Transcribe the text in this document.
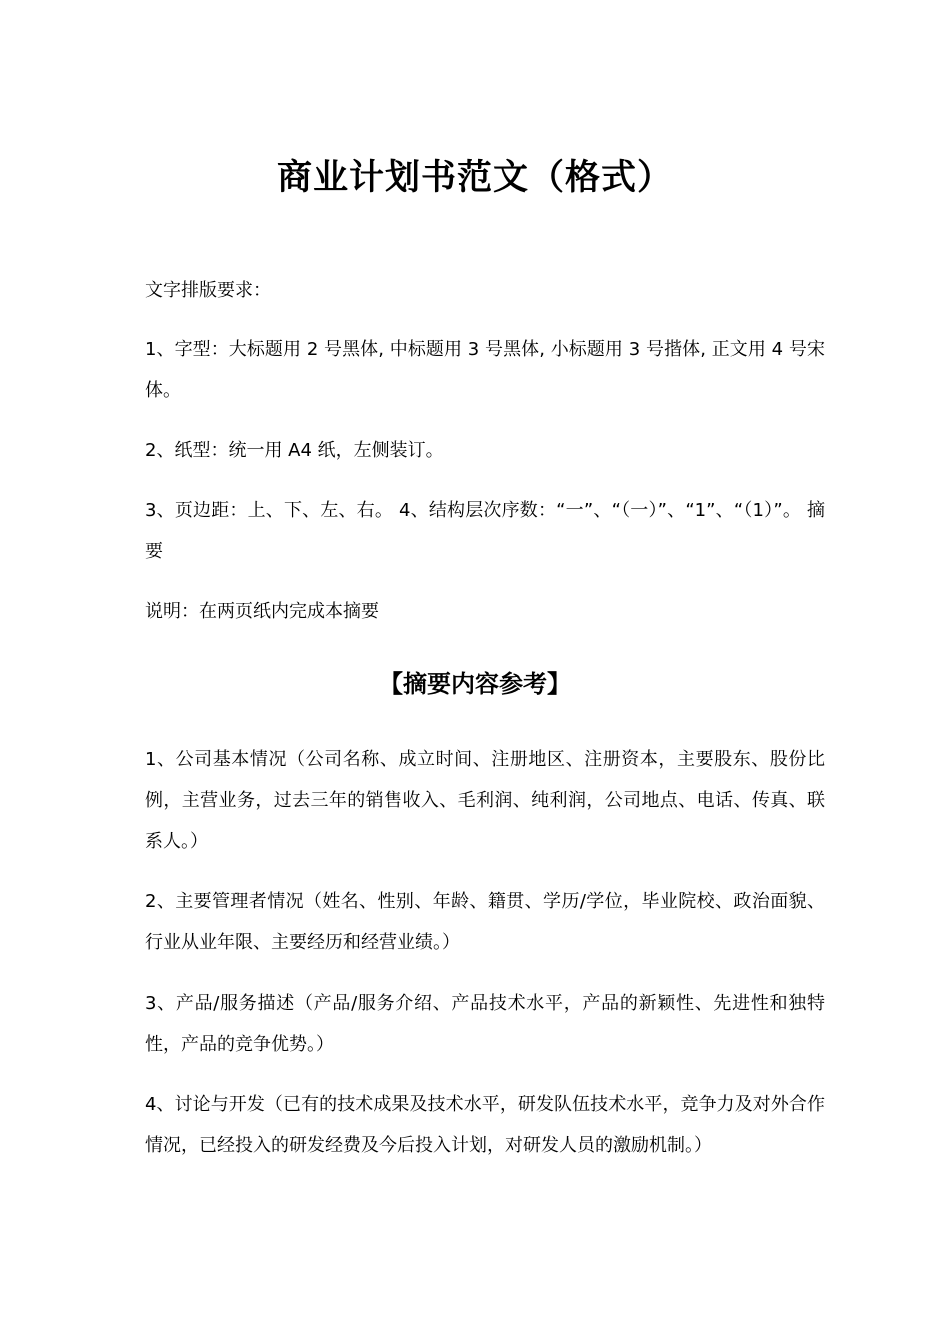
商业计划书范文（格式）

文字排版要求：

1、字型：大标题用 2 号黑体, 中标题用 3 号黑体, 小标题用 3 号揩体, 正文用 4 号宋体。

2、纸型：统一用 A4 纸，左侧装订。

3、页边距：上、下、左、右。 4、结构层次序数：“一”、“（一）”、“1”、“（1）”。 摘要

说明：在两页纸内完成本摘要

【摘要内容参考】

1、公司基本情况（公司名称、成立时间、注册地区、注册资本，主要股东、股份比例，主营业务，过去三年的销售收入、毛利润、纯利润，公司地点、电话、传真、联系人。）

2、主要管理者情况（姓名、性别、年龄、籍贯、学历/学位，毕业院校、政治面貌、行业从业年限、主要经历和经营业绩。）

3、产品/服务描述（产品/服务介绍、产品技术水平，产品的新颖性、先进性和独特性，产品的竞争优势。）

4、讨论与开发（已有的技术成果及技术水平，研发队伍技术水平，竞争力及对外合作情况，已经投入的研发经费及今后投入计划，对研发人员的激励机制。）
